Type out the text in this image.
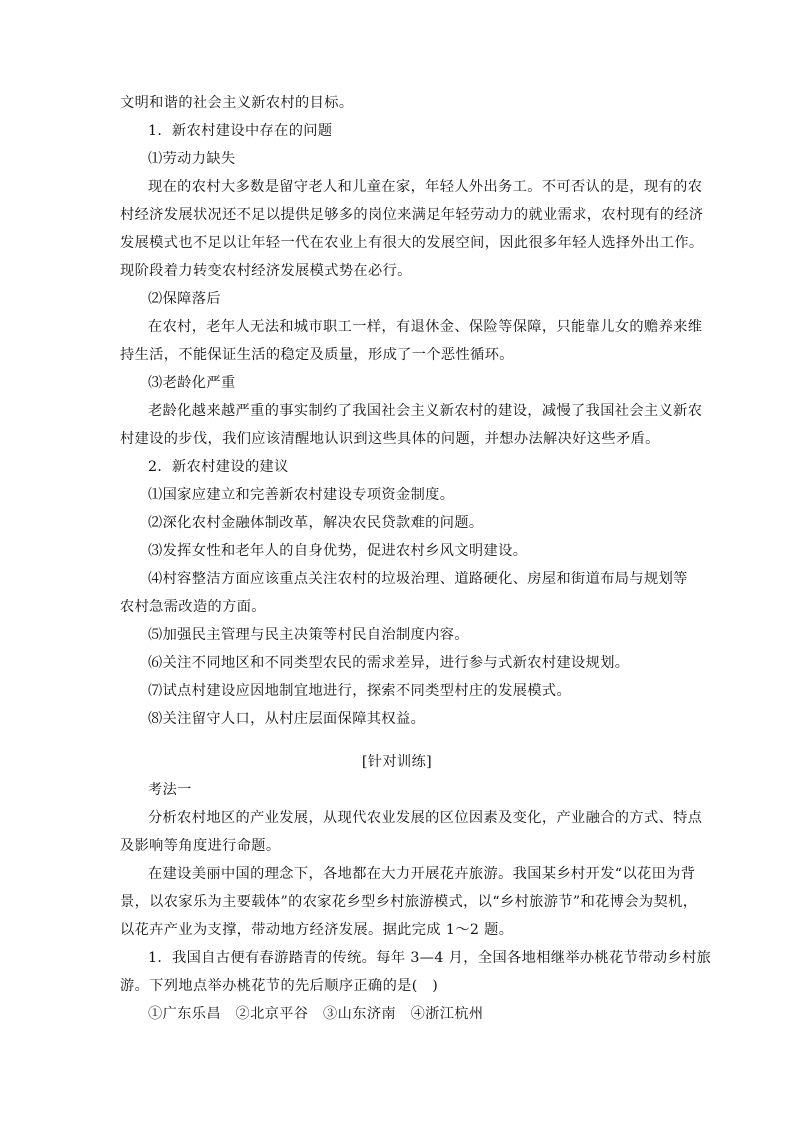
文明和谐的社会主义新农村的目标。
1．新农村建设中存在的问题
⑴劳动力缺失
现在的农村大多数是留守老人和儿童在家，年轻人外出务工。不可否认的是，现有的农
村经济发展状况还不足以提供足够多的岗位来满足年轻劳动力的就业需求，农村现有的经济
发展模式也不足以让年轻一代在农业上有很大的发展空间，因此很多年轻人选择外出工作。
现阶段着力转变农村经济发展模式势在必行。
⑵保障落后
在农村，老年人无法和城市职工一样，有退休金、保险等保障，只能靠儿女的赡养来维
持生活，不能保证生活的稳定及质量，形成了一个恶性循环。
⑶老龄化严重
老龄化越来越严重的事实制约了我国社会主义新农村的建设，减慢了我国社会主义新农
村建设的步伐，我们应该清醒地认识到这些具体的问题，并想办法解决好这些矛盾。
2．新农村建设的建议
⑴国家应建立和完善新农村建设专项资金制度。
⑵深化农村金融体制改革，解决农民贷款难的问题。
⑶发挥女性和老年人的自身优势，促进农村乡风文明建设。
⑷村容整洁方面应该重点关注农村的垃圾治理、道路硬化、房屋和街道布局与规划等
农村急需改造的方面。
⑸加强民主管理与民主决策等村民自治制度内容。
⑹关注不同地区和不同类型农民的需求差异，进行参与式新农村建设规划。
⑺试点村建设应因地制宜地进行，探索不同类型村庄的发展模式。
⑻关注留守人口，从村庄层面保障其权益。
[针对训练]
考法一
分析农村地区的产业发展，从现代农业发展的区位因素及变化，产业融合的方式、特点
及影响等角度进行命题。
在建设美丽中国的理念下，各地都在大力开展花卉旅游。我国某乡村开发“以花田为背
景，以农家乐为主要载体”的农家花乡型乡村旅游模式，以“乡村旅游节”和花博会为契机，
以花卉产业为支撑，带动地方经济发展。据此完成 1～2 题。
1．我国自古便有春游踏青的传统。每年 3—4 月，全国各地相继举办桃花节带动乡村旅
游。下列地点举办桃花节的先后顺序正确的是(　)
①广东乐昌　②北京平谷　③山东济南　④浙江杭州
